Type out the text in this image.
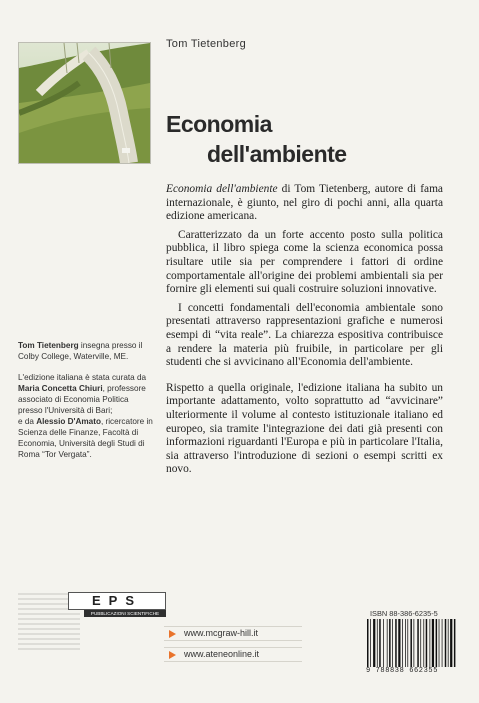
Tom Tietenberg
Economia
dell'ambiente

Economia dell'ambiente di Tom Tietenberg, autore di fama internazionale, è giunto, nel giro di pochi anni, alla quarta edizione americana.

Caratterizzato da un forte accento posto sulla politica pubblica, il libro spiega come la scienza economica possa risultare utile sia per comprendere i fattori di ordine comportamentale all'origine dei problemi ambientali sia per fornire gli elementi sui quali costruire soluzioni innovative.

I concetti fondamentali dell'economia ambientale sono presentati attraverso rappresentazioni grafiche e numerosi esempi di “vita reale”. La chiarezza espositiva contribuisce a rendere la materia più fruibile, in particolare per gli studenti che si avvicinano all'Economia dell'ambiente.

Rispetto a quella originale, l'edizione italiana ha subito un importante adattamento, volto soprattutto ad “avvicinare” ulteriormente il volume al contesto istituzionale italiano ed europeo, sia tramite l'integrazione dei dati già presenti con informazioni riguardanti l'Europa e più in particolare l'Italia, sia attraverso l'introduzione di sezioni o esempi scritti ex novo.

Tom Tietenberg insegna presso il Colby College, Waterville, ME.

L'edizione italiana è stata curata da Maria Concetta Chiuri, professore associato di Economia Politica presso l'Università di Bari;
e da Alessio D'Amato, ricercatore in Scienza delle Finanze, Facoltà di Economia, Università degli Studi di Roma “Tor Vergata”.

EPS
PUBBLICAZIONI SCIENTIFICHE
www.mcgraw-hill.it
www.ateneonline.it
ISBN 88-386-6235-5
9 788838 662355
